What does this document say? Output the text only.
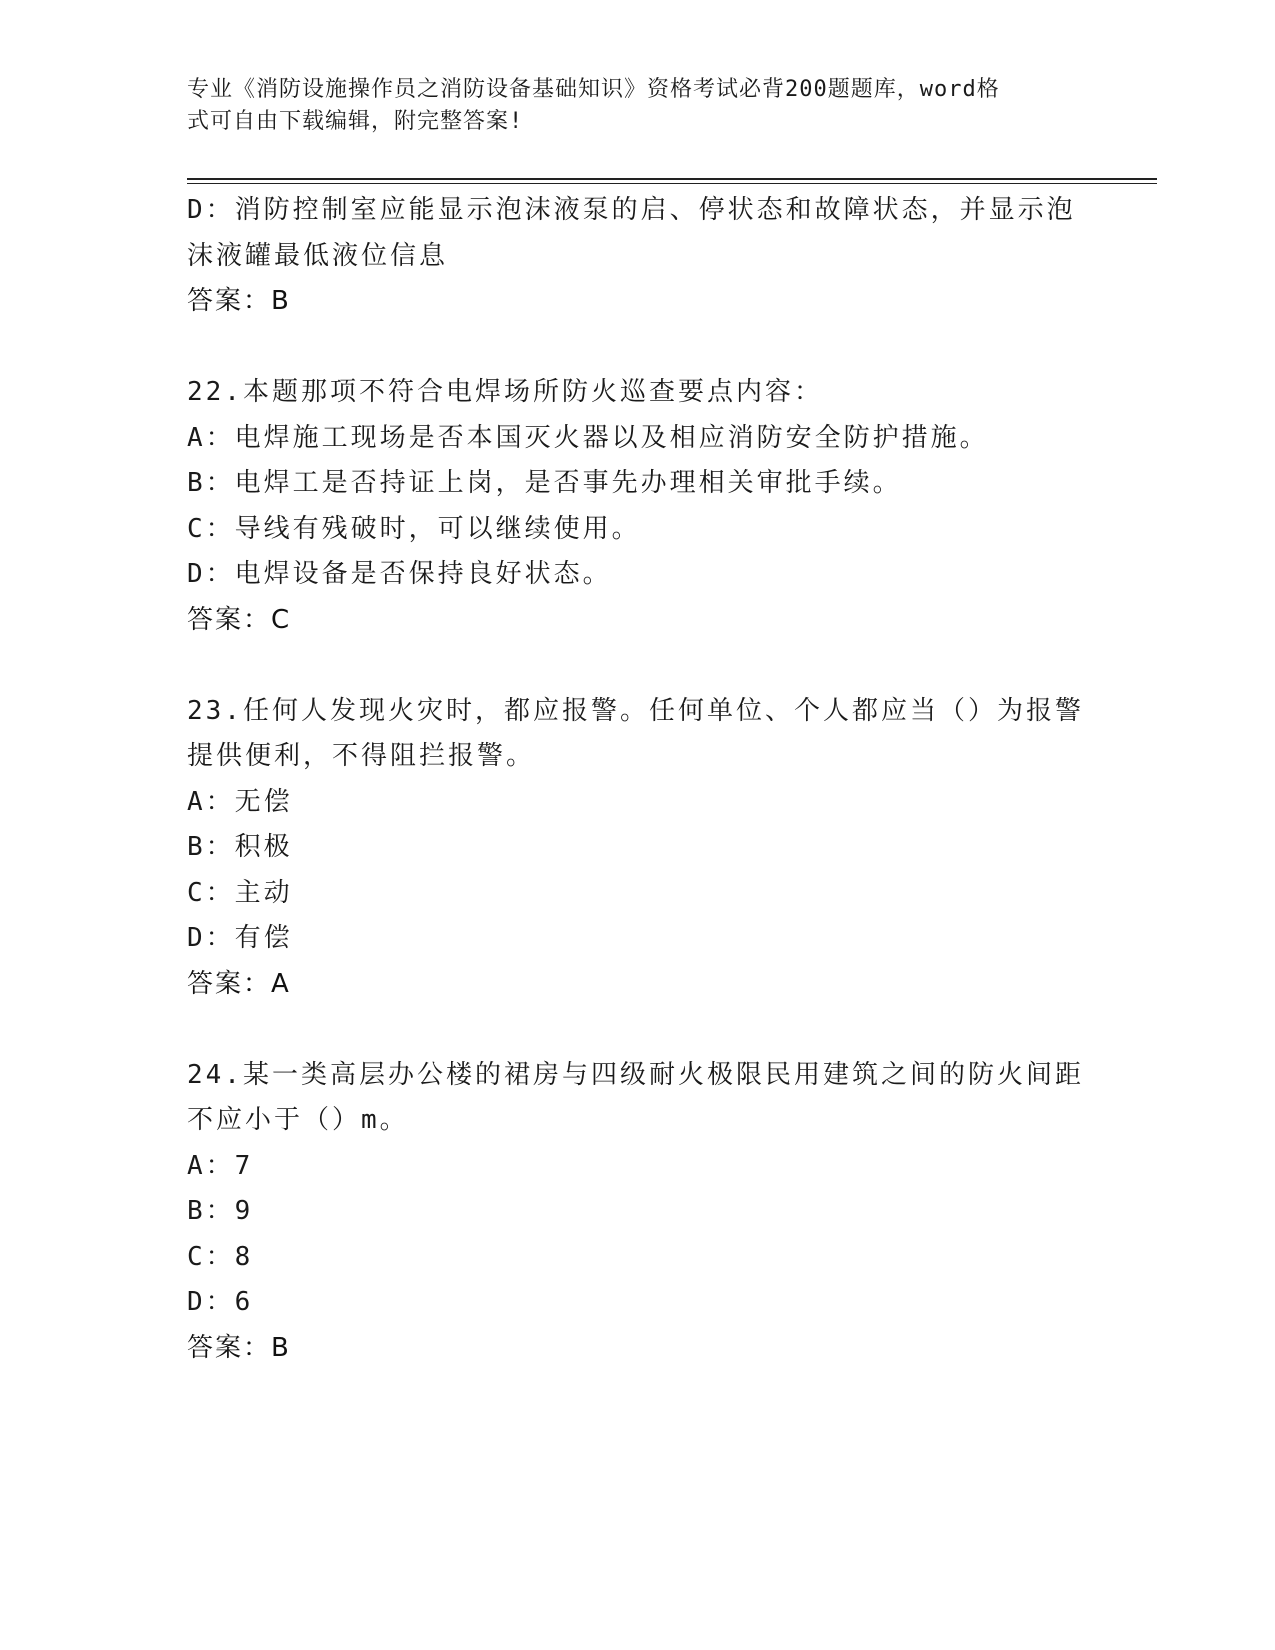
专业《消防设施操作员之消防设备基础知识》资格考试必背200题题库，word格
式可自由下载编辑，附完整答案!
D：消防控制室应能显示泡沫液泵的启、停状态和故障状态，并显示泡
沫液罐最低液位信息
答案：B
22.本题那项不符合电焊场所防火巡查要点内容：
A：电焊施工现场是否本国灭火器以及相应消防安全防护措施。
B：电焊工是否持证上岗，是否事先办理相关审批手续。
C：导线有残破时，可以继续使用。
D：电焊设备是否保持良好状态。
答案：C
23.任何人发现火灾时，都应报警。任何单位、个人都应当（）为报警
提供便利，不得阻拦报警。
A：无偿
B：积极
C：主动
D：有偿
答案：A
24.某一类高层办公楼的裙房与四级耐火极限民用建筑之间的防火间距
不应小于（）m。
A：7
B：9
C：8
D：6
答案：B
